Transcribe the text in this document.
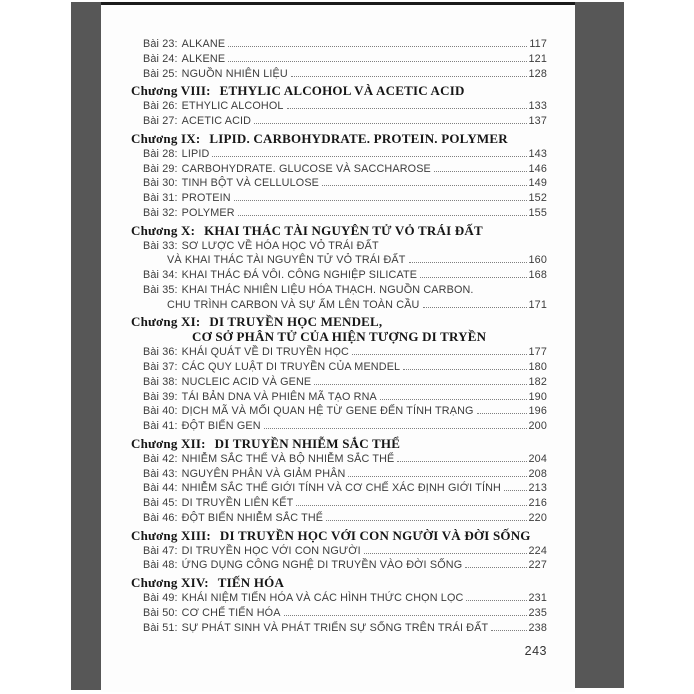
Bài 23: ALKANE	117
Bài 24: ALKENE	121
Bài 25: NGUỒN NHIÊN LIỆU	128
Chương VIII: ETHYLIC ALCOHOL VÀ ACETIC ACID
Bài 26: ETHYLIC ALCOHOL	133
Bài 27: ACETIC ACID	137
Chương IX: LIPID. CARBOHYDRATE. PROTEIN. POLYMER
Bài 28: LIPID	143
Bài 29: CARBOHYDRATE. GLUCOSE VÀ SACCHAROSE	146
Bài 30: TINH BỘT VÀ CELLULOSE	149
Bài 31: PROTEIN	152
Bài 32: POLYMER	155
Chương X: KHAI THÁC TÀI NGUYÊN TỬ VỎ TRÁI ĐẤT
Bài 33: SƠ LƯỢC VỀ HÓA HỌC VỎ TRÁI ĐẤT
VÀ KHAI THÁC TÀI NGUYÊN TỬ VỎ TRÁI ĐẤT	160
Bài 34: KHAI THÁC ĐÁ VÔI. CÔNG NGHIỆP SILICATE	168
Bài 35: KHAI THÁC NHIÊN LIỆU HÓA THẠCH. NGUỒN CARBON.
CHU TRÌNH CARBON VÀ SỰ ẤM LÊN TOÀN CẦU	171
Chương XI: DI TRUYỀN HỌC MENDEL,
CƠ SỞ PHÂN TỬ CỦA HIỆN TƯỢNG DI TRYỀN
Bài 36: KHÁI QUÁT VỀ DI TRUYỀN HỌC	177
Bài 37: CÁC QUY LUẬT DI TRUYỀN CỦA MENDEL	180
Bài 38: NUCLEIC ACID VÀ GENE	182
Bài 39: TÁI BẢN DNA VÀ PHIÊN MÃ TẠO RNA	190
Bài 40: DỊCH MÃ VÀ MỐI QUAN HỆ TỪ GENE ĐẾN TÍNH TRẠNG	196
Bài 41: ĐỘT BIẾN GEN	200
Chương XII: DI TRUYỀN NHIỄM SẮC THỂ
Bài 42: NHIỄM SẮC THỂ VÀ BỘ NHIỄM SẮC THỂ	204
Bài 43: NGUYÊN PHÂN VÀ GIẢM PHÂN	208
Bài 44: NHIỄM SẮC THỂ GIỚI TÍNH VÀ CƠ CHẾ XÁC ĐỊNH GIỚI TÍNH	213
Bài 45: DI TRUYỀN LIÊN KẾT	216
Bài 46: ĐỘT BIẾN NHIỄM SẮC THỂ	220
Chương XIII: DI TRUYỀN HỌC VỚI CON NGƯỜI VÀ ĐỜI SỐNG
Bài 47: DI TRUYỀN HỌC VỚI CON NGƯỜI	224
Bài 48: ỨNG DỤNG CÔNG NGHỆ DI TRUYỀN VÀO ĐỜI SỐNG	227
Chương XIV: TIẾN HÓA
Bài 49: KHÁI NIỆM TIẾN HÓA VÀ CÁC HÌNH THỨC CHỌN LỌC	231
Bài 50: CƠ CHẾ TIẾN HÓA	235
Bài 51: SỰ PHÁT SINH VÀ PHÁT TRIỂN SỰ SỐNG TRÊN TRÁI ĐẤT	238
243
